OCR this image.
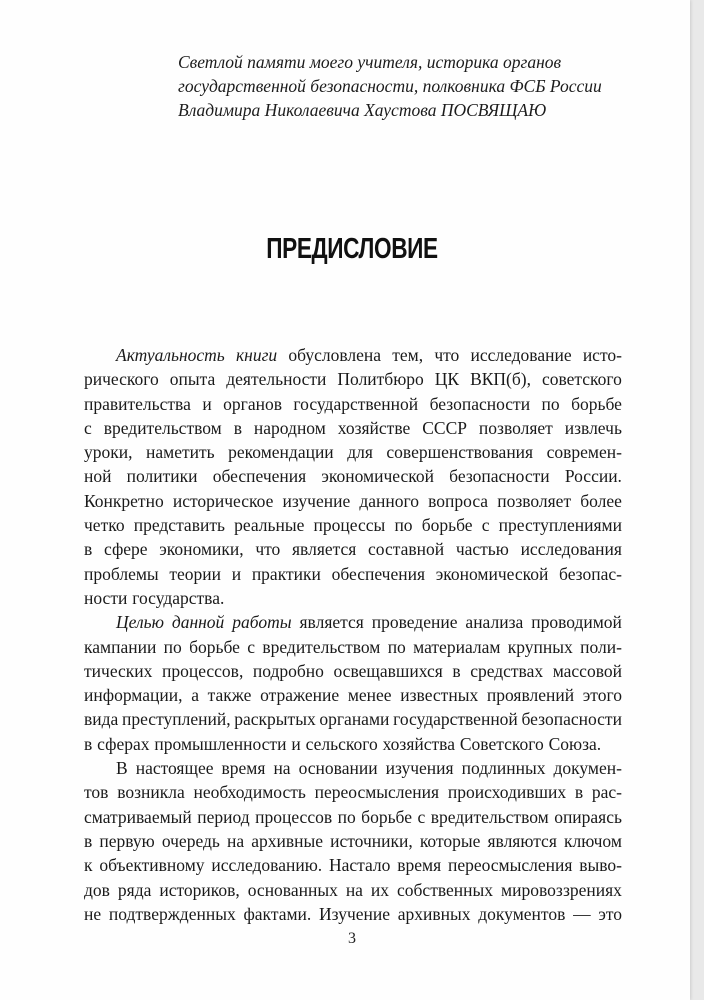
Светлой памяти моего учителя, историка органов
государственной безопасности, полковника ФСБ России
Владимира Николаевича Хаустова ПОСВЯЩАЮ
ПРЕДИСЛОВИЕ
Актуальность книги обусловлена тем, что исследование исто-
рического опыта деятельности Политбюро ЦК ВКП(б), советского
правительства и органов государственной безопасности по борьбе
с вредительством в народном хозяйстве СССР позволяет извлечь
уроки, наметить рекомендации для совершенствования современ-
ной политики обеспечения экономической безопасности России.
Конкретно историческое изучение данного вопроса позволяет более
четко представить реальные процессы по борьбе с преступлениями
в сфере экономики, что является составной частью исследования
проблемы теории и практики обеспечения экономической безопас-
ности государства.
Целью данной работы является проведение анализа проводимой
кампании по борьбе с вредительством по материалам крупных поли-
тических процессов, подробно освещавшихся в средствах массовой
информации, а также отражение менее известных проявлений этого
вида преступлений, раскрытых органами государственной безопасности
в сферах промышленности и сельского хозяйства Советского Союза.
В настоящее время на основании изучения подлинных докумен-
тов возникла необходимость переосмысления происходивших в рас-
сматриваемый период процессов по борьбе с вредительством опираясь
в первую очередь на архивные источники, которые являются ключом
к объективному исследованию. Настало время переосмысления выво-
дов ряда историков, основанных на их собственных мировоззрениях
не подтвержденных фактами. Изучение архивных документов — это
3
